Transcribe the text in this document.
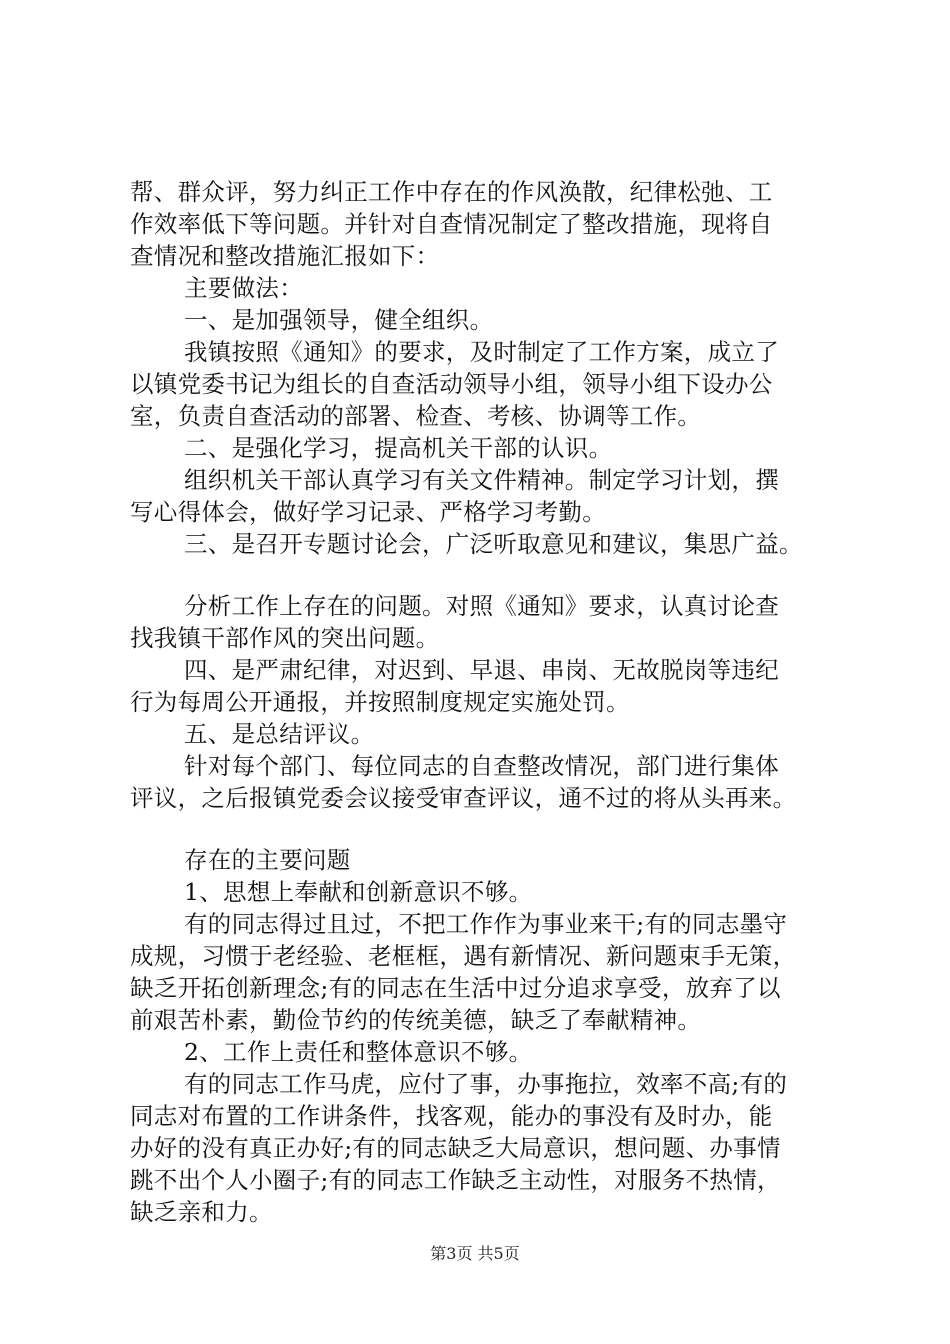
帮、群众评，努力纠正工作中存在的作风涣散，纪律松弛、工
作效率低下等问题。并针对自查情况制定了整改措施，现将自
查情况和整改措施汇报如下：
主要做法：
一、是加强领导，健全组织。
我镇按照《通知》的要求，及时制定了工作方案，成立了
以镇党委书记为组长的自查活动领导小组，领导小组下设办公
室，负责自查活动的部署、检查、考核、协调等工作。
二、是强化学习，提高机关干部的认识。
组织机关干部认真学习有关文件精神。制定学习计划，撰
写心得体会，做好学习记录、严格学习考勤。
三、是召开专题讨论会，广泛听取意见和建议，集思广益。
分析工作上存在的问题。对照《通知》要求，认真讨论查
找我镇干部作风的突出问题。
四、是严肃纪律，对迟到、早退、串岗、无故脱岗等违纪
行为每周公开通报，并按照制度规定实施处罚。
五、是总结评议。
针对每个部门、每位同志的自查整改情况，部门进行集体
评议，之后报镇党委会议接受审查评议，通不过的将从头再来。
存在的主要问题
1、思想上奉献和创新意识不够。
有的同志得过且过，不把工作作为事业来干;有的同志墨守
成规，习惯于老经验、老框框，遇有新情况、新问题束手无策，
缺乏开拓创新理念;有的同志在生活中过分追求享受，放弃了以
前艰苦朴素，勤俭节约的传统美德，缺乏了奉献精神。
2、工作上责任和整体意识不够。
有的同志工作马虎，应付了事，办事拖拉，效率不高;有的
同志对布置的工作讲条件，找客观，能办的事没有及时办，能
办好的没有真正办好;有的同志缺乏大局意识，想问题、办事情
跳不出个人小圈子;有的同志工作缺乏主动性，对服务不热情，
缺乏亲和力。
第3页 共5页
